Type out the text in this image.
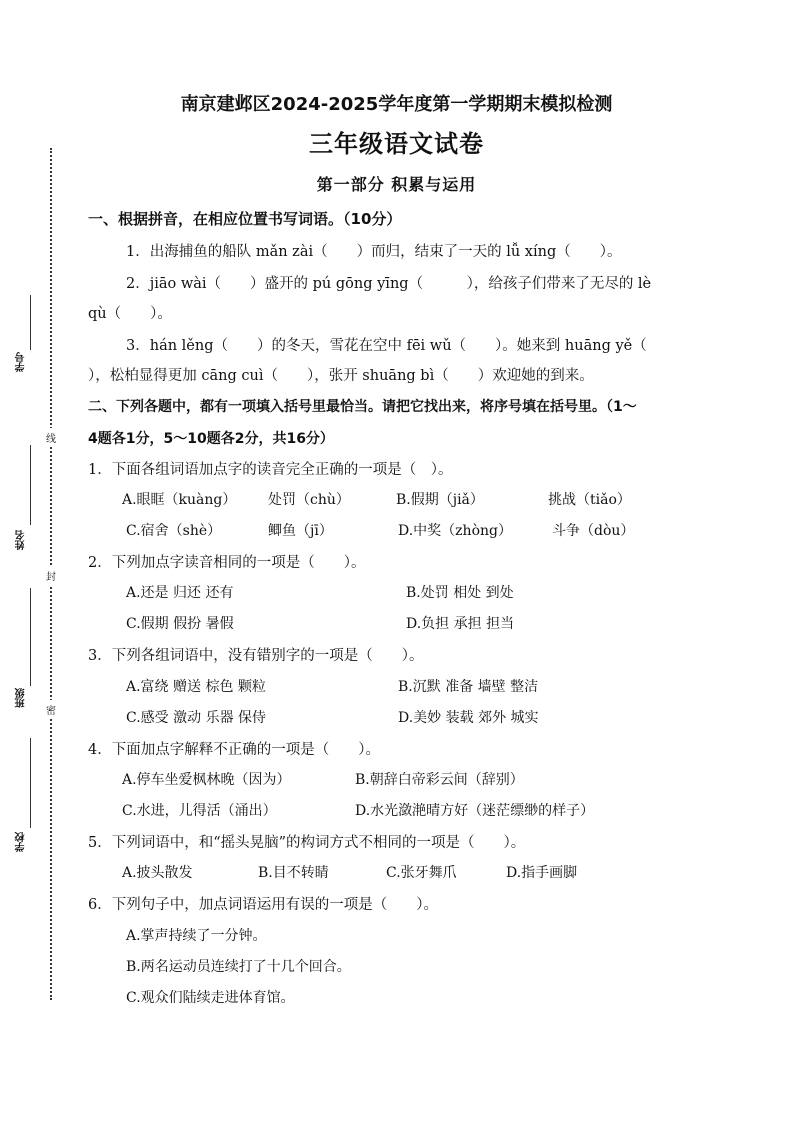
线
封
密
学号
姓名
班级
学校
南京建邺区2024-2025学年度第一学期期末模拟检测
三年级语文试卷
第一部分 积累与运用
一、根据拼音，在相应位置书写词语。（10分）
1．出海捕鱼的船队 mǎn zài（　　）而归，结束了一天的 lǚ xíng（　　）。
2．jiāo wài（　　）盛开的 pú gōng yīng（　　　），给孩子们带来了无尽的 lè
qù（　　）。
3．hán lěng（　　）的冬天，雪花在空中 fēi wǔ（　　）。她来到 huāng yě（
），松柏显得更加 cāng cuì（　　），张开 shuāng bì（　　）欢迎她的到来。
二、下列各题中，都有一项填入括号里最恰当。请把它找出来，将序号填在括号里。（1～
4题各1分，5～10题各2分，共16分）
1．下面各组词语加点字的读音完全正确的一项是（　）。
A.眼眶（kuàng） 处罚（chù）	B.假期（jiǎ）	挑战（tiǎo）
C.宿舍（shè）	鲫鱼（jī）	D.中奖（zhòng）	斗争（dòu）
2．下列加点字读音相同的一项是（　　）。
A.还是 归还 还有	B.处罚 相处 到处
C.假期 假扮 暑假	D.负担 承担 担当
3．下列各组词语中，没有错别字的一项是（　　）。
A.富绕 赠送 棕色 颗粒	B.沉默 准备 墙壁 整洁
C.感受 激动 乐器 保侍	D.美妙 装载 郊外 城实
4．下面加点字解释不正确的一项是（　　）。
A.停车坐爱枫林晚（因为）	B.朝辞白帝彩云间（辞别）
C.水进，儿得活（涌出）	D.水光潋滟晴方好（迷茫缥缈的样子）
5．下列词语中，和“摇头晃脑”的构词方式不相同的一项是（　　）。
A.披头散发	B.目不转睛	C.张牙舞爪	D.指手画脚
6．下列句子中，加点词语运用有误的一项是（　　）。
A.掌声持续了一分钟。
B.两名运动员连续打了十几个回合。
C.观众们陆续走进体育馆。
